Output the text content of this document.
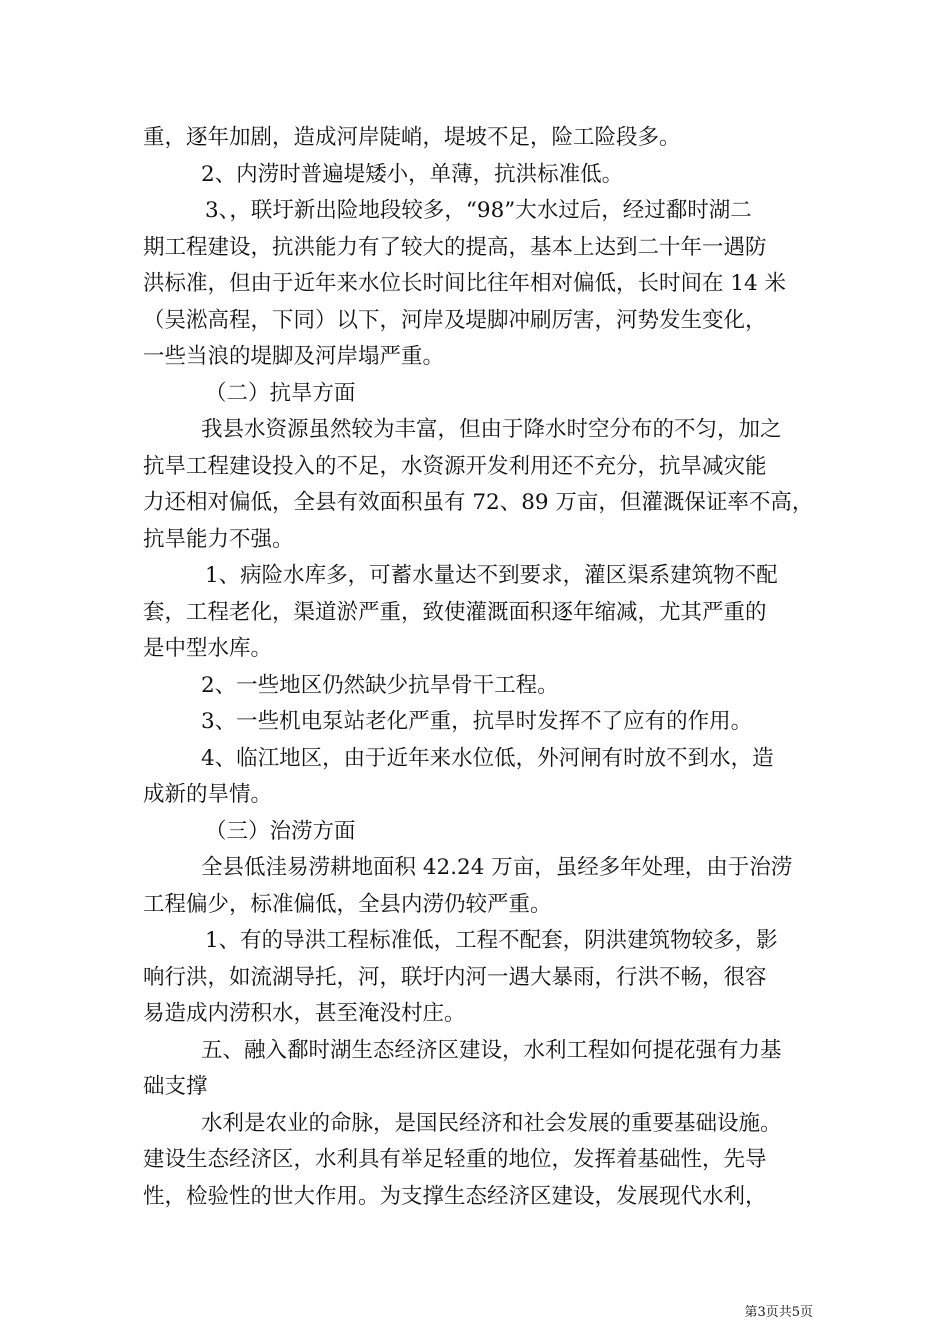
重，逐年加剧，造成河岸陡峭，堤坡不足，险工险段多。
2、内涝时普遍堤矮小，单薄，抗洪标准低。
3、，联圩新出险地段较多，“98”大水过后，经过鄱时湖二
期工程建设，抗洪能力有了较大的提高，基本上达到二十年一遇防
洪标准，但由于近年来水位长时间比往年相对偏低，长时间在 14 米
（吴淞高程，下同）以下，河岸及堤脚冲刷厉害，河势发生变化，
一些当浪的堤脚及河岸塌严重。
（二）抗旱方面
我县水资源虽然较为丰富，但由于降水时空分布的不匀，加之
抗旱工程建设投入的不足，水资源开发利用还不充分，抗旱减灾能
力还相对偏低，全县有效面积虽有 72、89 万亩，但灌溉保证率不高，
抗旱能力不强。
1、病险水库多，可蓄水量达不到要求，灌区渠系建筑物不配
套，工程老化，渠道淤严重，致使灌溉面积逐年缩减，尤其严重的
是中型水库。
2、一些地区仍然缺少抗旱骨干工程。
3、一些机电泵站老化严重，抗旱时发挥不了应有的作用。
4、临江地区，由于近年来水位低，外河闸有时放不到水，造
成新的旱情。
（三）治涝方面
全县低洼易涝耕地面积 42.24 万亩，虽经多年处理，由于治涝
工程偏少，标准偏低，全县内涝仍较严重。
1、有的导洪工程标准低，工程不配套，阴洪建筑物较多，影
响行洪，如流湖导托，河，联圩内河一遇大暴雨，行洪不畅，很容
易造成内涝积水，甚至淹没村庄。
五、融入鄱时湖生态经济区建设，水利工程如何提花强有力基
础支撑
水利是农业的命脉，是国民经济和社会发展的重要基础设施。
建设生态经济区，水利具有举足轻重的地位，发挥着基础性，先导
性，检验性的世大作用。为支撑生态经济区建设，发展现代水利，
第3页共5页
